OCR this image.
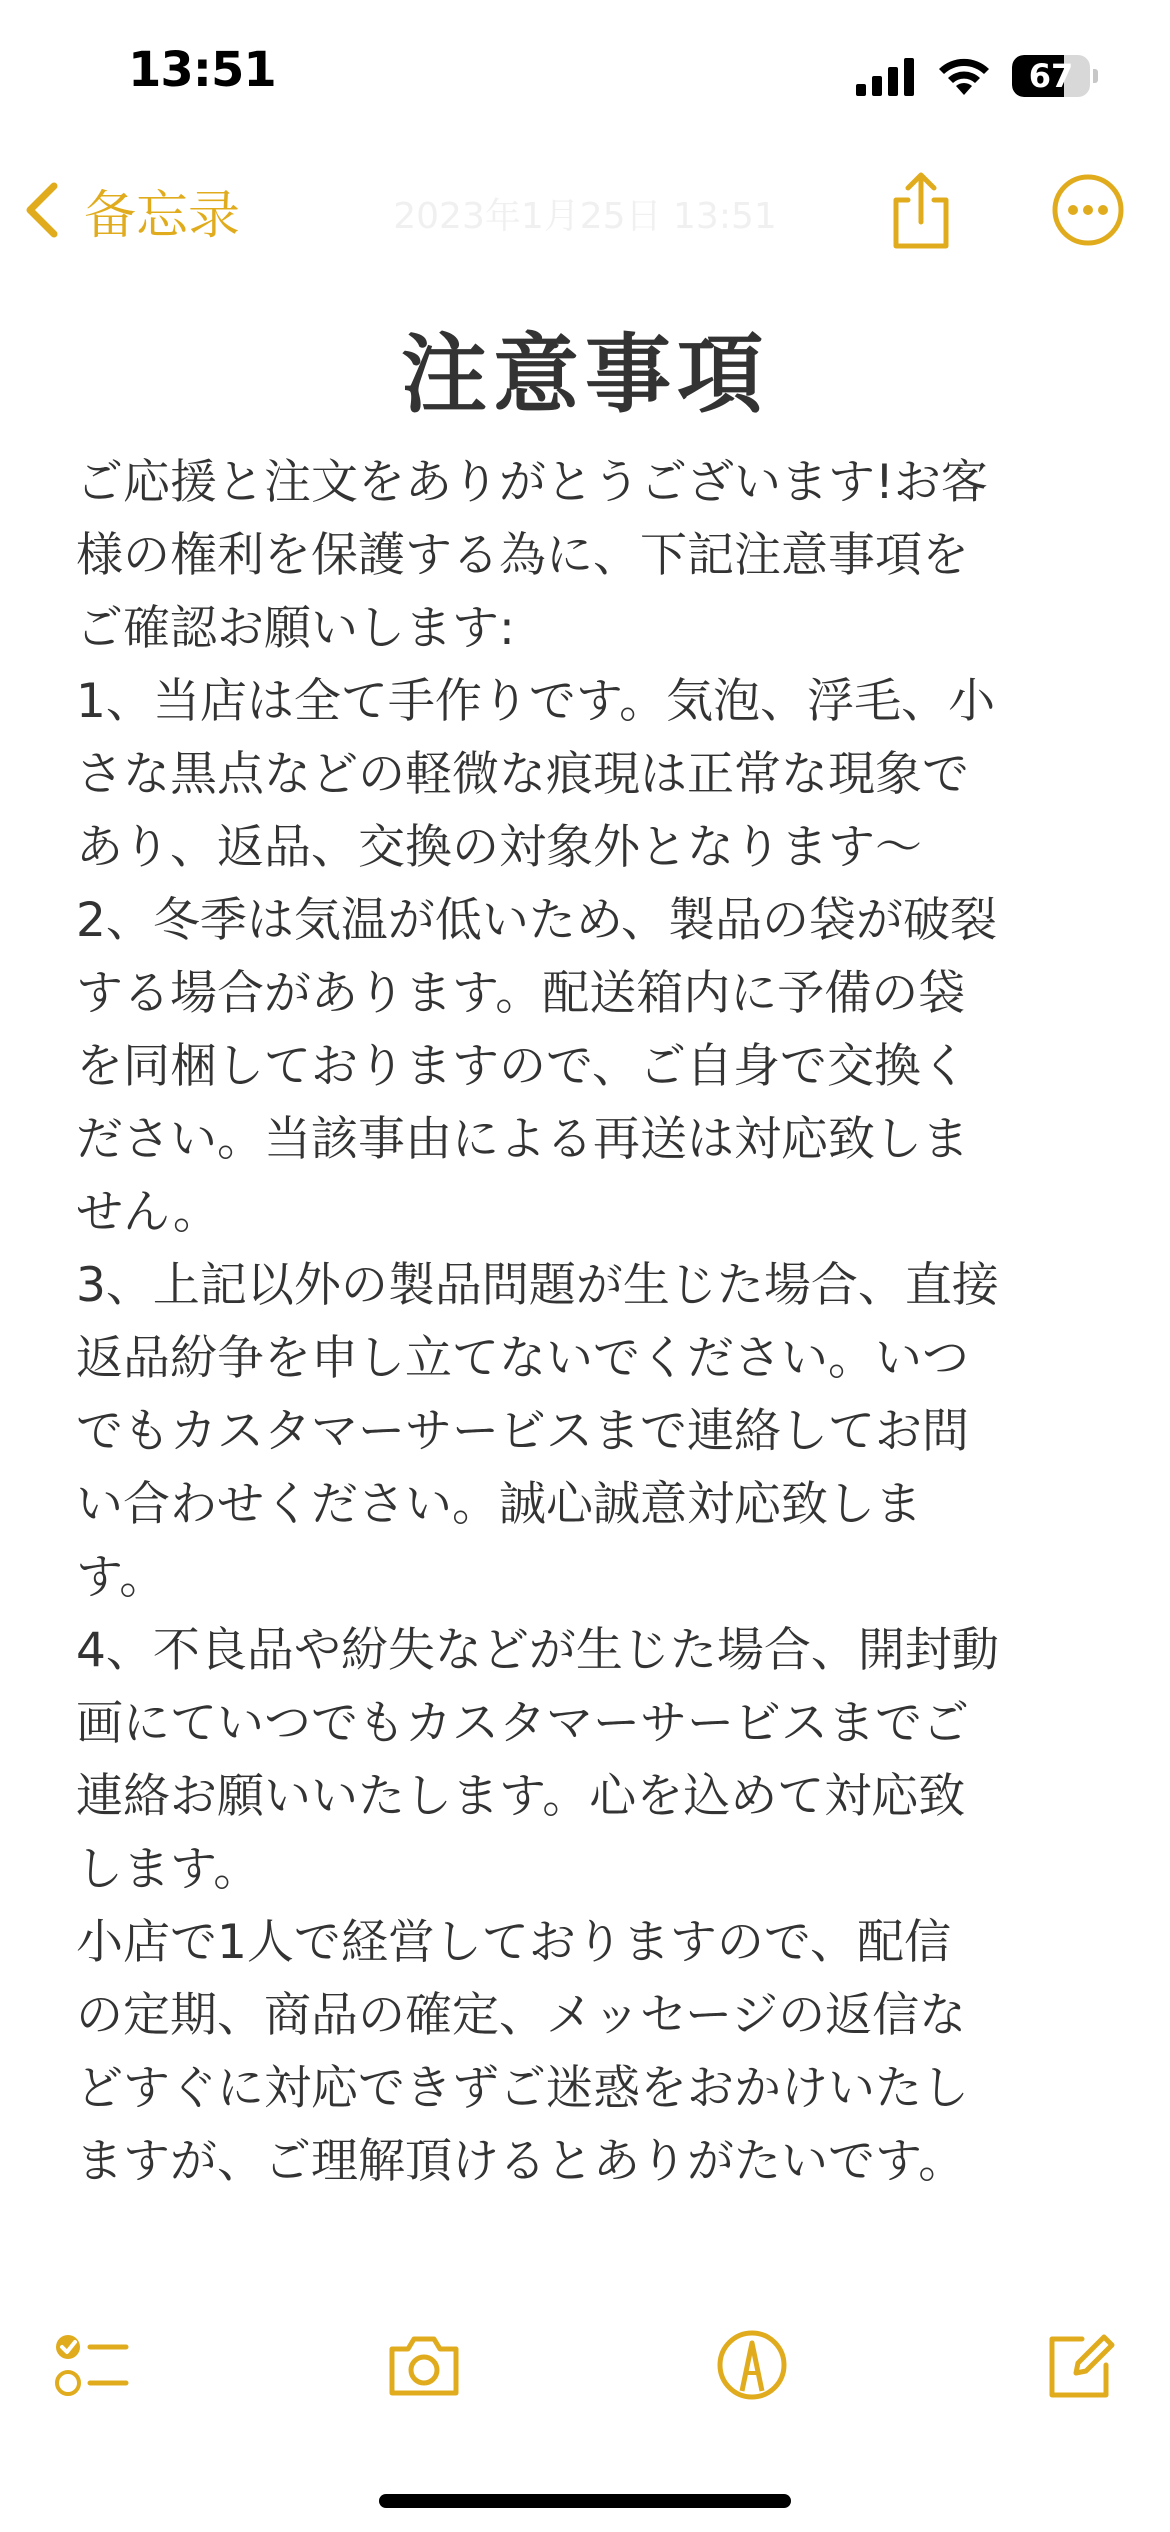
13:51	67
2023年1月25日 13:51
备忘录
注意事項
ご応援と注文をありがとうございます!お客
様の権利を保護する為に、下記注意事項を
ご確認お願いします:
1、当店は全て手作りです。気泡、浮毛、小
さな黒点などの軽微な痕現は正常な現象で
あり、返品、交換の対象外となります～
2、冬季は気温が低いため、製品の袋が破裂
する場合があります。配送箱内に予備の袋
を同梱しておりますので、ご自身で交換く
ださい。当該事由による再送は対応致しま
せん。
3、上記以外の製品問題が生じた場合、直接
返品紛争を申し立てないでください。いつ
でもカスタマーサービスまで連絡してお問
い合わせください。誠心誠意対応致しま
す。
4、不良品や紛失などが生じた場合、開封動
画にていつでもカスタマーサービスまでご
連絡お願いいたします。心を込めて対応致
します。
小店で1人で経営しておりますので、配信
の定期、商品の確定、メッセージの返信な
どすぐに対応できずご迷惑をおかけいたし
ますが、ご理解頂けるとありがたいです。
